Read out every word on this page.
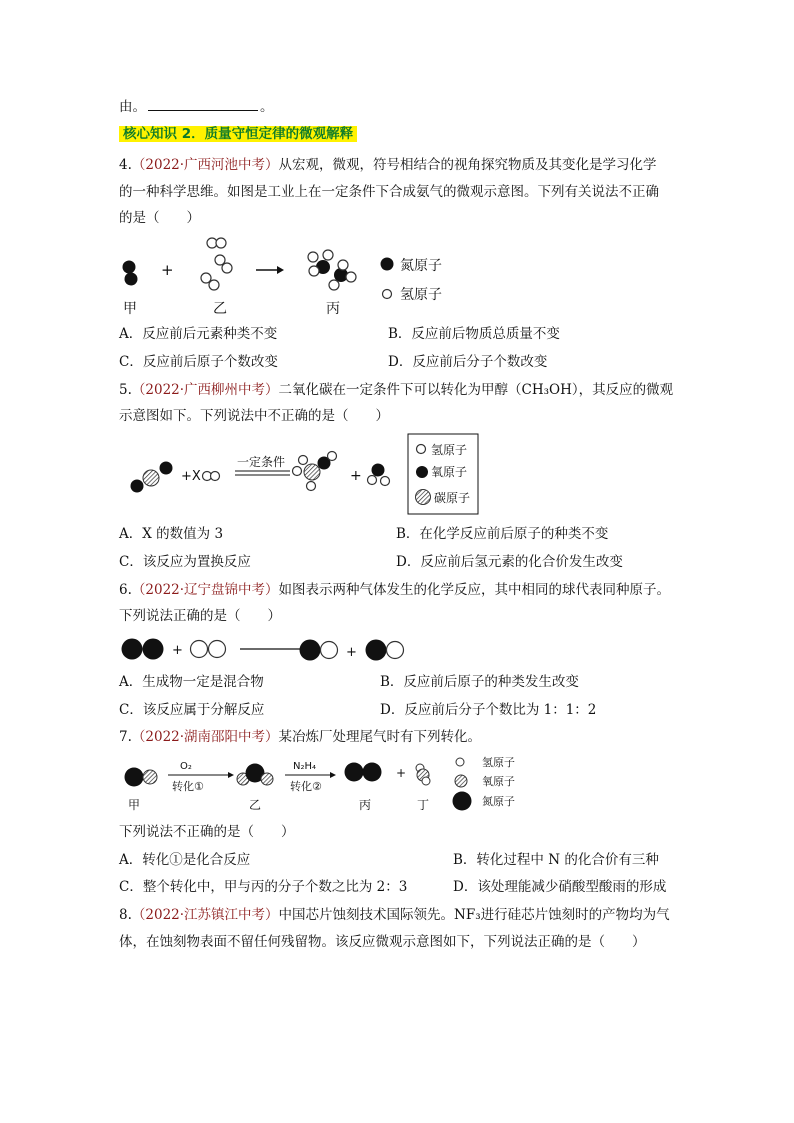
由。	。
核心知识 2．质量守恒定律的微观解释
4.（2022·广西河池中考）从宏观，微观，符号相结合的视角探究物质及其变化是学习化学
的一种科学思维。如图是工业上在一定条件下合成氨气的微观示意图。下列有关说法不正确
的是（　　）
+	氮原子
氢原子
甲	乙	丙
A．反应前后元素种类不变	B．反应前后物质总质量不变
C．反应前后原子个数改变	D．反应前后分子个数改变
5.（2022·广西柳州中考）二氧化碳在一定条件下可以转化为甲醇（CH₃OH），其反应的微观
示意图如下。下列说法中不正确的是（　　）
+X
一定条件
+
氢原子
氧原子
碳原子
A．X 的数值为 3	B．在化学反应前后原子的种类不变
C．该反应为置换反应	D．反应前后氢元素的化合价发生改变
6.（2022·辽宁盘锦中考）如图表示两种气体发生的化学反应，其中相同的球代表同种原子。
下列说法正确的是（　　）
+	+
A．生成物一定是混合物	B．反应前后原子的种类发生改变
C．该反应属于分解反应	D．反应前后分子个数比为 1：1：2
7.（2022·湖南邵阳中考）某冶炼厂处理尾气时有下列转化。
甲
O₂
转化①
乙
N₂H₄
转化②
丙
+
丁
氢原子
氧原子
氮原子
下列说法不正确的是（　　）
A．转化①是化合反应	B．转化过程中 N 的化合价有三种
C．整个转化中，甲与丙的分子个数之比为 2：3	D．该处理能减少硝酸型酸雨的形成
8.（2022·江苏镇江中考）中国芯片蚀刻技术国际领先。NF₃进行硅芯片蚀刻时的产物均为气
体，在蚀刻物表面不留任何残留物。该反应微观示意图如下，下列说法正确的是（　　）
